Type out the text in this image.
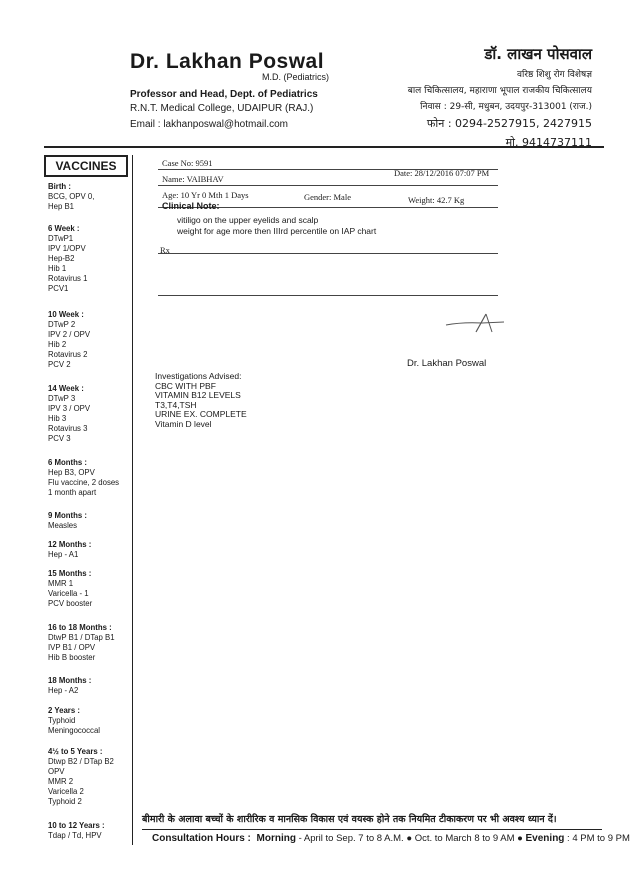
Dr. Lakhan Poswal
M.D. (Pediatrics)
Professor and Head, Dept. of Pediatrics
R.N.T. Medical College, UDAIPUR (RAJ.)
Email : lakhanposwal@hotmail.com
डॉ. लाखन पोसवाल
वरिष्ठ शिशु रोग विशेषज्ञ
बाल चिकित्सालय, महाराणा भूपाल राजकीय चिकित्सालय
निवास : 29-सी, मधुबन, उदयपुर-313001 (राज.)
फोन : 0294-2527915, 2427915
मो. 9414737111
VACCINES
Birth :
BCG, OPV 0,
Hep B1
6 Week :
DTwP1
IPV 1/OPV
Hep-B2
Hib 1
Rotavirus 1
PCV1
10 Week :
DTwP 2
IPV 2 / OPV
Hib 2
Rotavirus 2
PCV 2
14 Week :
DTwP 3
IPV 3 / OPV
Hib 3
Rotavirus 3
PCV 3
6 Months :
Hep B3, OPV
Flu vaccine, 2 doses
1 month apart
9 Months :
Measles
12 Months :
Hep - A1
15 Months :
MMR 1
Varicella - 1
PCV booster
16 to 18 Months :
DtwP B1 / DTap B1
IVP B1 / OPV
Hib B booster
18 Months :
Hep - A2
2 Years :
Typhoid
Meningococcal
4½ to 5 Years :
Dtwp B2 / DTap B2
OPV
MMR 2
Varicella 2
Typhoid 2
10 to 12 Years :
Tdap / Td, HPV
Case No: 9591
Date: 28/12/2016 07:07 PM
Name: VAIBHAV
Age: 10 Yr 0 Mth 1 Days	Gender: Male	Weight: 42.7 Kg
Clinical Note:
vitiligo on the upper eyelids and scalp
weight for age more then IIIrd percentile on IAP chart
Rx
Dr. Lakhan Poswal
Investigations Advised:
CBC WITH PBF
VITAMIN B12 LEVELS
T3,T4,TSH
URINE EX. COMPLETE
Vitamin D level
बीमारी के अलावा बच्चों के शारीरिक व मानसिक विकास एवं वयस्क होने तक नियमित टीकाकरण पर भी अवश्य ध्यान दें।
Consultation Hours : Morning - April to Sep. 7 to 8 A.M. ● Oct. to March 8 to 9 AM ● Evening : 4 PM to 9 PM
